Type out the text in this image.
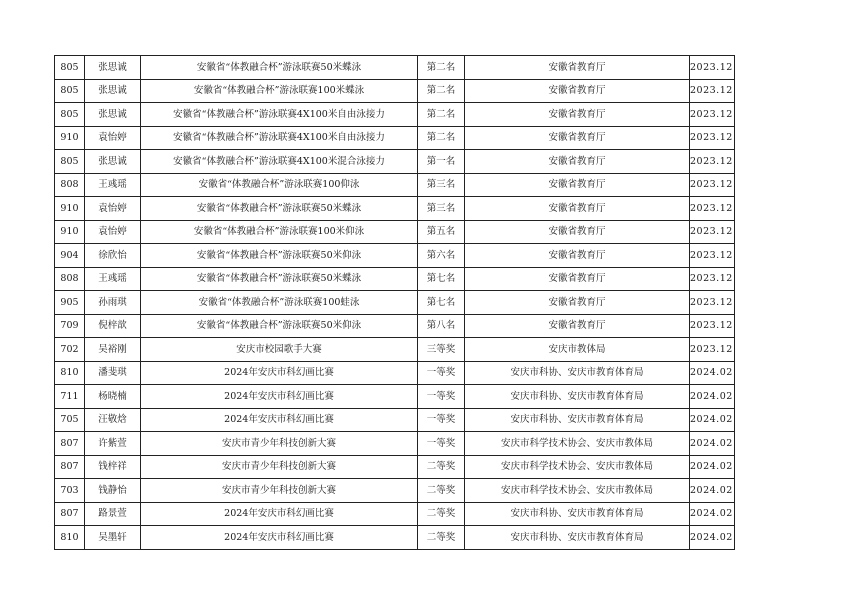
805	张思诚	安徽省“体教融合杯”游泳联赛50米蝶泳	第二名	安徽省教育厅	2023.12
805	张思诚	安徽省“体教融合杯”游泳联赛100米蝶泳	第二名	安徽省教育厅	2023.12
805	张思诚	安徽省“体教融合杯”游泳联赛4X100米自由泳接力	第二名	安徽省教育厅	2023.12
910	袁怡婷	安徽省“体教融合杯”游泳联赛4X100米自由泳接力	第二名	安徽省教育厅	2023.12
805	张思诚	安徽省“体教融合杯”游泳联赛4X100米混合泳接力	第一名	安徽省教育厅	2023.12
808	王彧瑶	安徽省“体教融合杯”游泳联赛100仰泳	第三名	安徽省教育厅	2023.12
910	袁怡婷	安徽省“体教融合杯”游泳联赛50米蝶泳	第三名	安徽省教育厅	2023.12
910	袁怡婷	安徽省“体教融合杯”游泳联赛100米仰泳	第五名	安徽省教育厅	2023.12
904	徐欣怡	安徽省“体教融合杯”游泳联赛50米仰泳	第六名	安徽省教育厅	2023.12
808	王彧瑶	安徽省“体教融合杯”游泳联赛50米蝶泳	第七名	安徽省教育厅	2023.12
905	孙雨琪	安徽省“体教融合杯”游泳联赛100蛙泳	第七名	安徽省教育厅	2023.12
709	倪梓歆	安徽省“体教融合杯”游泳联赛50米仰泳	第八名	安徽省教育厅	2023.12
702	吴裕刚	安庆市校园歌手大赛	三等奖	安庆市教体局	2023.12
810	潘斐琪	2024年安庆市科幻画比赛	一等奖	安庆市科协、安庆市教育体育局	2024.02
711	杨晓楠	2024年安庆市科幻画比赛	一等奖	安庆市科协、安庆市教育体育局	2024.02
705	汪敬焓	2024年安庆市科幻画比赛	一等奖	安庆市科协、安庆市教育体育局	2024.02
807	许紫萱	安庆市青少年科技创新大赛	一等奖	安庆市科学技术协会、安庆市教体局	2024.02
807	钱梓祥	安庆市青少年科技创新大赛	二等奖	安庆市科学技术协会、安庆市教体局	2024.02
703	钱静怡	安庆市青少年科技创新大赛	二等奖	安庆市科学技术协会、安庆市教体局	2024.02
807	路景萱	2024年安庆市科幻画比赛	二等奖	安庆市科协、安庆市教育体育局	2024.02
810	吴墨轩	2024年安庆市科幻画比赛	二等奖	安庆市科协、安庆市教育体育局	2024.02
